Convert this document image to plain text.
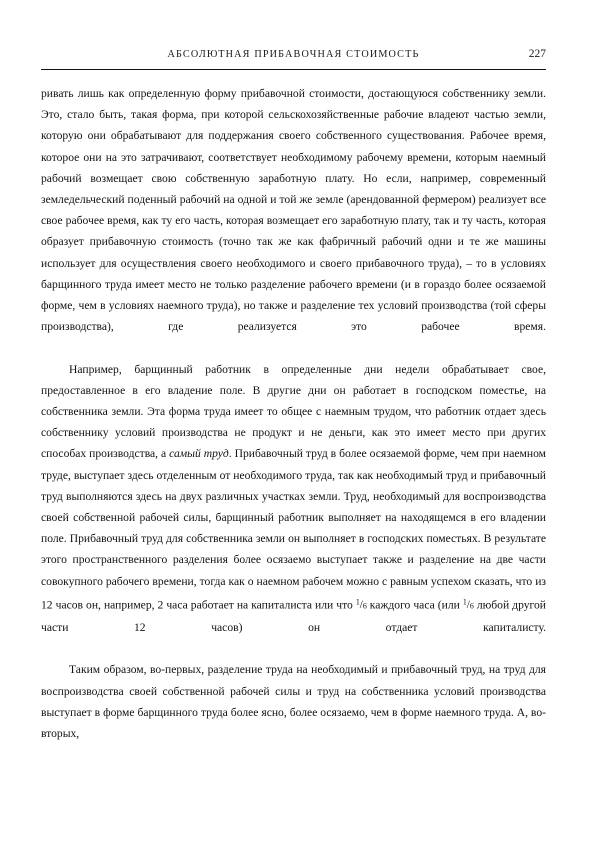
АБСОЛЮТНАЯ ПРИБАВОЧНАЯ СТОИМОСТЬ	227

ривать лишь как определенную форму прибавочной стоимости, достающуюся собственнику земли. Это, стало быть, такая форма, при которой сельскохозяйственные рабочие владеют частью земли, которую они обрабатывают для поддержания своего собственного существования. Рабочее время, которое они на это затрачивают, соответствует необходимому рабочему времени, которым наемный рабочий возмещает свою собственную заработную плату. Но если, например, современный земледельческий поденный рабочий на одной и той же земле (арендованной фермером) реализует все свое рабочее время, как ту его часть, которая возмещает его заработную плату, так и ту часть, которая образует прибавочную стоимость (точно так же как фабричный рабочий одни и те же машины использует для осуществления своего необходимого и своего прибавочного труда), – то в условиях барщинного труда имеет место не только разделение рабочего времени (и в гораздо более осязаемой форме, чем в условиях наемного труда), но также и разделение тех условий производства (той сферы производства), где реализуется это рабочее время.

Например, барщинный работник в определенные дни недели обрабатывает свое, предоставленное в его владение поле. В другие дни он работает в господском поместье, на собственника земли. Эта форма труда имеет то общее с наемным трудом, что работник отдает здесь собственнику условий производства не продукт и не деньги, как это имеет место при других способах производства, а самый труд. Прибавочный труд в более осязаемой форме, чем при наемном труде, выступает здесь отделенным от необходимого труда, так как необходимый труд и прибавочный труд выполняются здесь на двух различных участках земли. Труд, необходимый для воспроизводства своей собственной рабочей силы, барщинный работник выполняет на находящемся в его владении поле. Прибавочный труд для собственника земли он выполняет в господских поместьях. В результате этого пространственного разделения более осязаемо выступает также и разделение на две части совокупного рабочего времени, тогда как о наемном рабочем можно с равным успехом сказать, что из 12 часов он, например, 2 часа работает на капиталиста или что $^1$/6 каждого часа (или $^1$/6 любой другой части 12 часов) он отдает капиталисту.

Таким образом, во-первых, разделение труда на необходимый и прибавочный труд, на труд для воспроизводства своей собственной рабочей силы и труд на собственника условий производства выступает в форме барщинного труда более ясно, более осязаемо, чем в форме наемного труда. А, во-вторых,
